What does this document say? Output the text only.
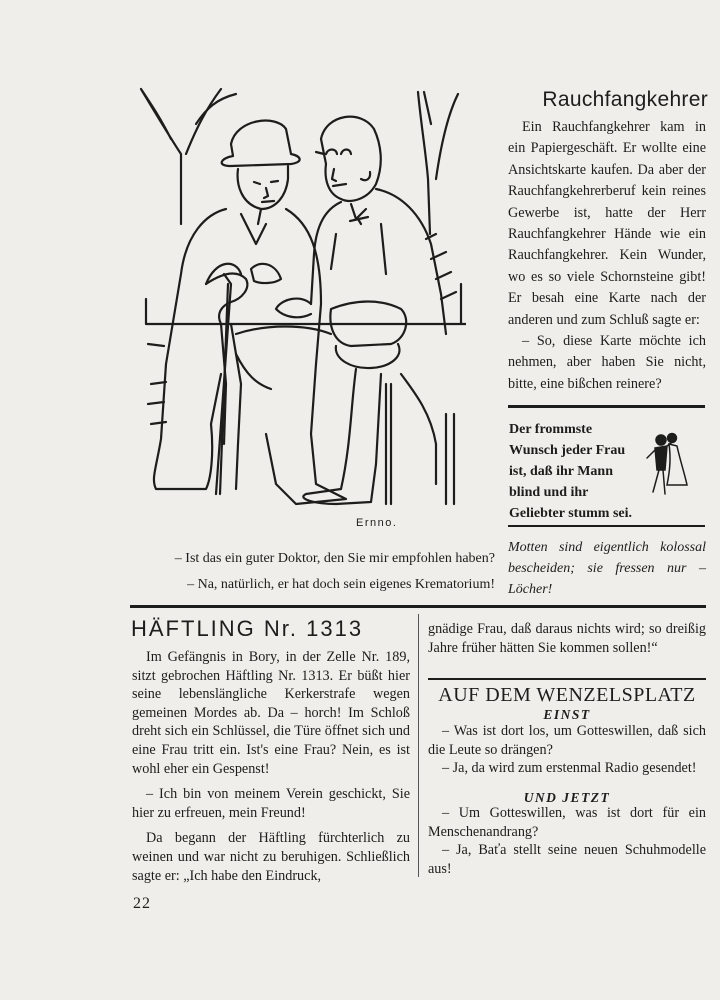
Ernno.
Rauchfangkehrer

Ein Rauchfangkehrer kam in ein Papiergeschäft. Er wollte eine Ansichtskarte kaufen. Da aber der Rauchfangkehrerberuf kein reines Gewerbe ist, hatte der Herr Rauchfangkehrer Hände wie ein Rauchfangkehrer. Kein Wunder, wo es so viele Schornsteine gibt! Er besah eine Karte nach der anderen und zum Schluß sagte er:

– So, diese Karte möchte ich nehmen, aber haben Sie nicht, bitte, eine bißchen reinere?

Der frommste Wunsch jeder Frau ist, daß ihr Mann blind und ihr Geliebter stumm sei.
Motten sind eigentlich kolossal bescheiden; sie fressen nur – Löcher!
– Ist das ein guter Doktor, den Sie mir empfohlen haben?
– Na, natürlich, er hat doch sein eigenes Krematorium!
HÄFTLING Nr. 1313

Im Gefängnis in Bory, in der Zelle Nr. 189, sitzt gebrochen Häftling Nr. 1313. Er büßt hier seine lebenslängliche Kerkerstrafe wegen gemeinen Mordes ab. Da – horch! Im Schloß dreht sich ein Schlüssel, die Türe öffnet sich und eine Frau tritt ein. Ist's eine Frau? Nein, es ist wohl eher ein Gespenst!

– Ich bin von meinem Verein geschickt, Sie hier zu erfreuen, mein Freund!

Da begann der Häftling fürchterlich zu weinen und war nicht zu beruhigen. Schließlich sagte er: „Ich habe den Eindruck,

gnädige Frau, daß daraus nichts wird; so dreißig Jahre früher hätten Sie kommen sollen!“
AUF DEM WENZELSPLATZ
EINST

– Was ist dort los, um Gotteswillen, daß sich die Leute so drängen?

– Ja, da wird zum erstenmal Radio gesendet!

UND JETZT

– Um Gotteswillen, was ist dort für ein Menschenandrang?

– Ja, Baťa stellt seine neuen Schuhmodelle aus!

22
